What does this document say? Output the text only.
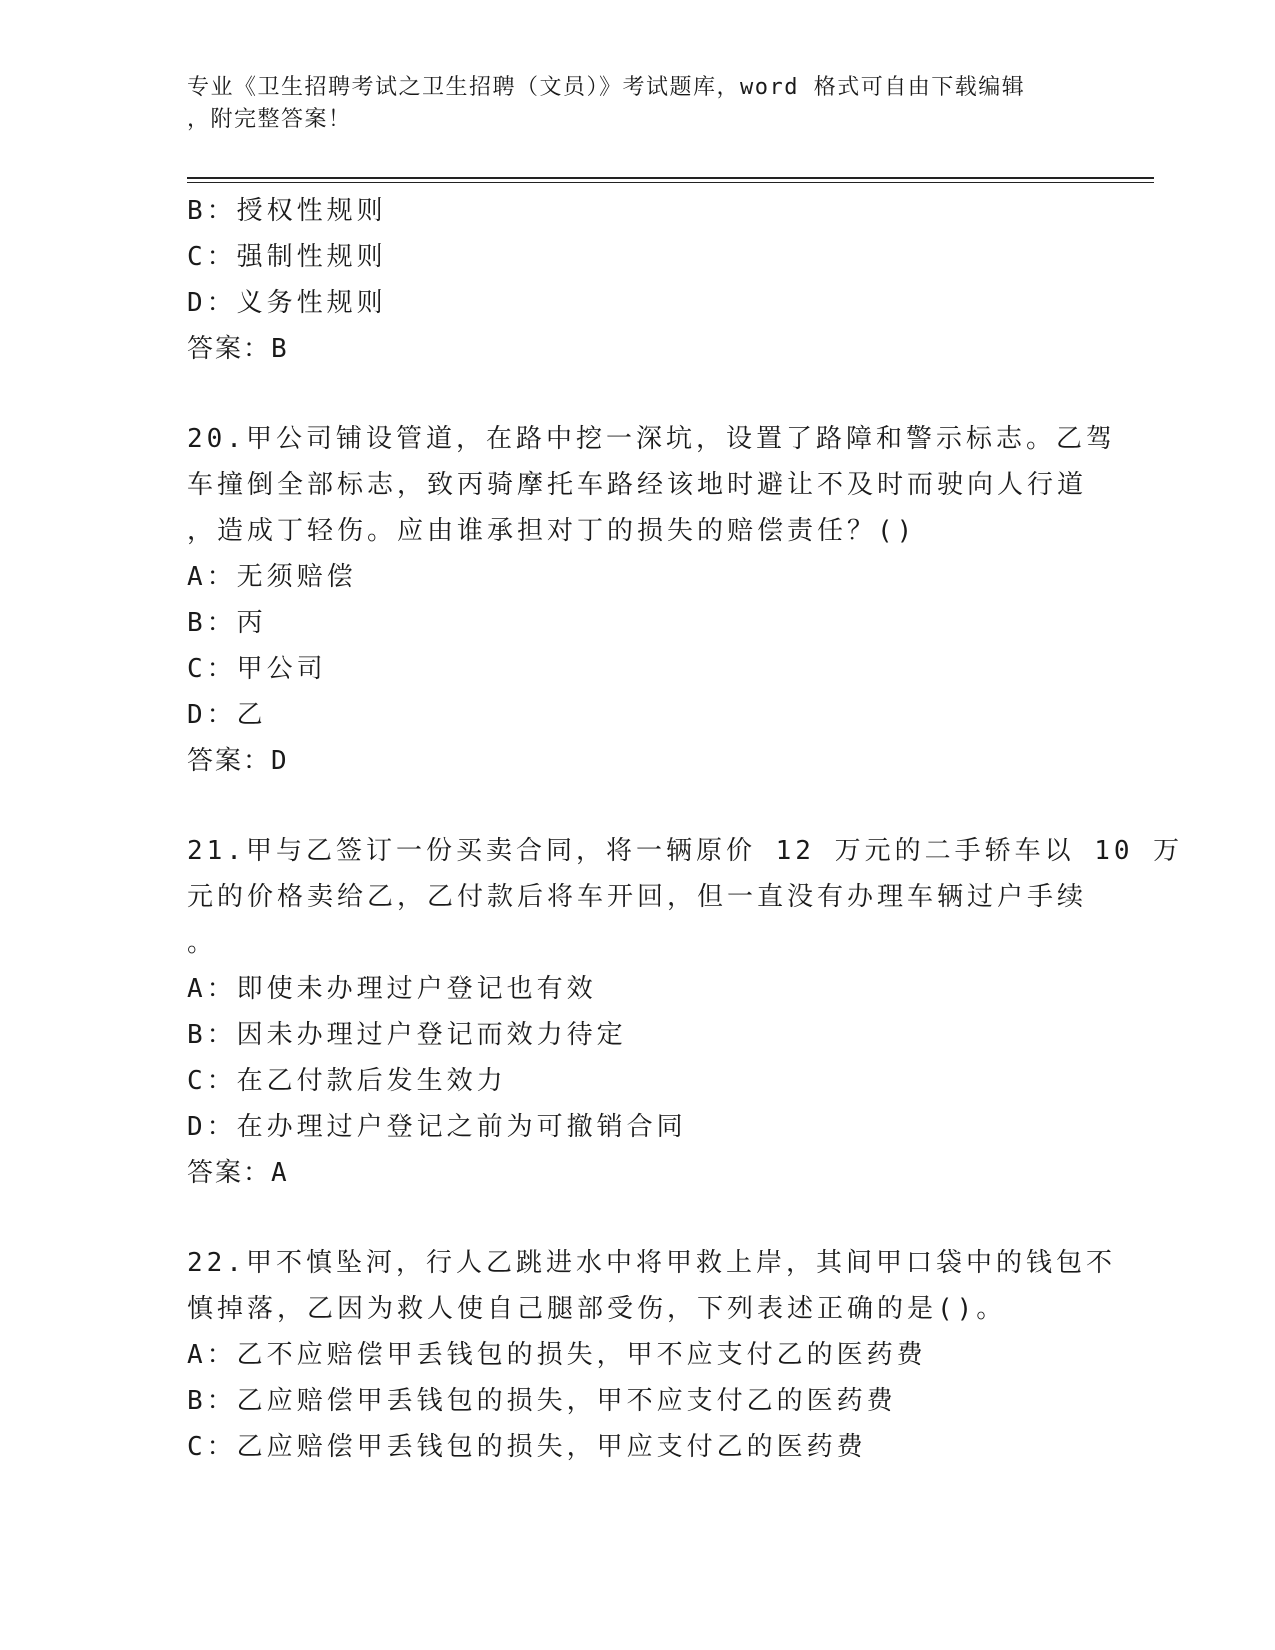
专业《卫生招聘考试之卫生招聘（文员）》考试题库，word 格式可自由下载编辑
，附完整答案！
B：授权性规则
C：强制性规则
D：义务性规则
答案：B
20.甲公司铺设管道，在路中挖一深坑，设置了路障和警示标志。乙驾
车撞倒全部标志，致丙骑摩托车路经该地时避让不及时而驶向人行道
，造成丁轻伤。应由谁承担对丁的损失的赔偿责任？()
A：无须赔偿
B：丙
C：甲公司
D：乙
答案：D
21.甲与乙签订一份买卖合同，将一辆原价 12 万元的二手轿车以 10 万
元的价格卖给乙，乙付款后将车开回，但一直没有办理车辆过户手续
。
A：即使未办理过户登记也有效
B：因未办理过户登记而效力待定
C：在乙付款后发生效力
D：在办理过户登记之前为可撤销合同
答案：A
22.甲不慎坠河，行人乙跳进水中将甲救上岸，其间甲口袋中的钱包不
慎掉落，乙因为救人使自己腿部受伤，下列表述正确的是()。
A：乙不应赔偿甲丢钱包的损失，甲不应支付乙的医药费
B：乙应赔偿甲丢钱包的损失，甲不应支付乙的医药费
C：乙应赔偿甲丢钱包的损失，甲应支付乙的医药费
